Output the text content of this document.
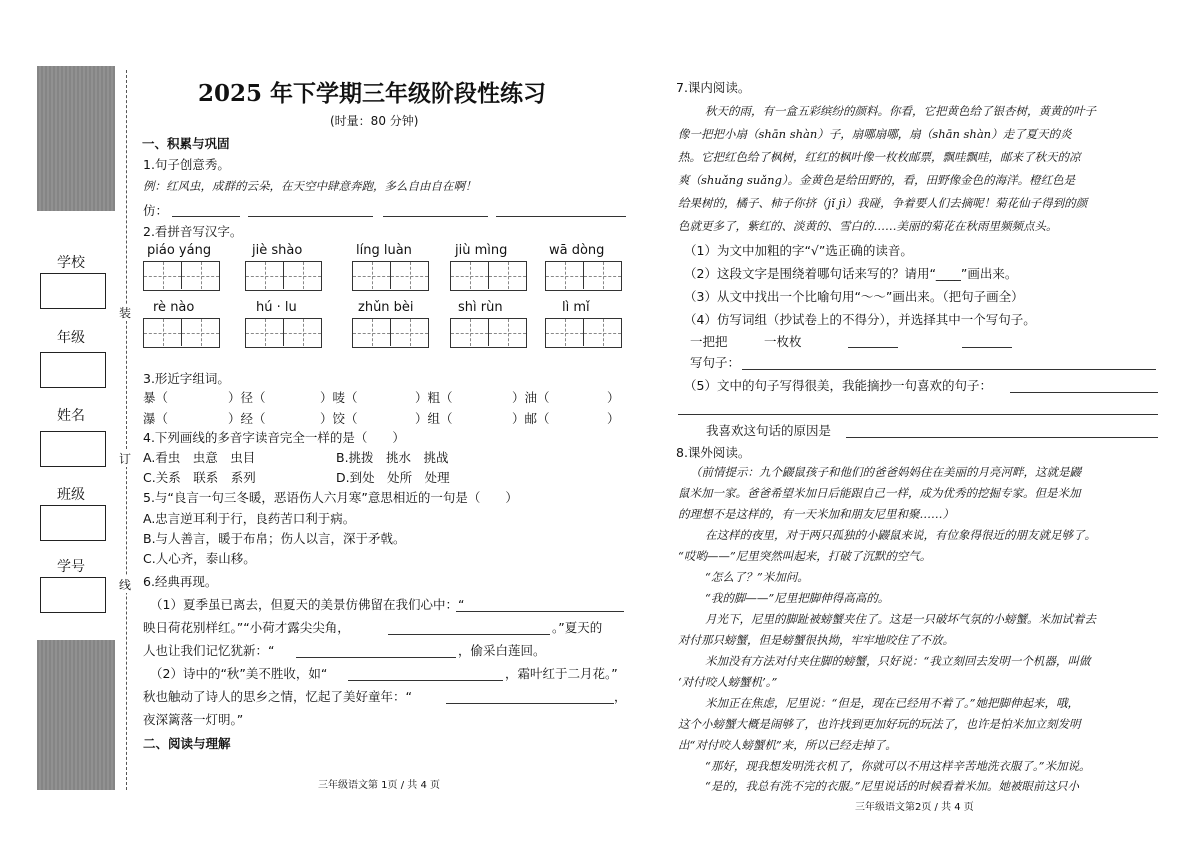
学校
年级
姓名
班级
学号
装
订
线
2025 年下学期三年级阶段性练习
(时量：80 分钟)
一、积累与巩固
1.句子创意秀。
例：红风虫，成群的云朵，在天空中肆意奔跑，多么自由自在啊！
仿：
2.看拼音写汉字。
piáo yáng	jiè shào	líng luàn	jiù mìng	wā dòng
rè nào	hú · lu	zhǔn bèi	shì rùn	lì mǐ
3.形近字组词。
暴（	）径（	）唛（	）粗（	）油（	）
瀑（	）经（	）饺（	）组（	）邮（	）
4.下列画线的多音字读音完全一样的是（　　）
A.看虫　虫意　虫目	B.挑拨　挑水　挑战
C.关系　联系　系列	D.到处　处所　处理
5.与“良言一句三冬暖，恶语伤人六月寒”意思相近的一句是（　　）
A.忠言逆耳利于行，良药苦口利于病。
B.与人善言，暖于布帛；伤人以言，深于矛戟。
C.人心齐，泰山移。
6.经典再现。
（1）夏季虽已离去，但夏天的美景仿佛留在我们心中：“
映日荷花别样红。”“小荷才露尖尖角，	。”夏天的
人也让我们记忆犹新：“	，偷采白莲回。
（2）诗中的“秋”美不胜收，如“	，霜叶红于二月花。”
秋也触动了诗人的思乡之情，忆起了美好童年：“	，
夜深篱落一灯明。”
二、阅读与理解
三年级语文第 1页 / 共 4 页
7.课内阅读。
秋天的雨，有一盒五彩缤纷的颜料。你看，它把黄色给了银杏树，黄黄的叶子
像一把把小扇（shān shàn）子，扇哪扇哪，扇（shān shàn）走了夏天的炎
热。它把红色给了枫树，红红的枫叶像一枚枚邮票，飘哇飘哇，邮来了秋天的凉
爽（shuǎng suǎng）。金黄色是给田野的，看，田野像金色的海洋。橙红色是
给果树的，橘子、柿子你挤（jǐ jì）我碰，争着要人们去摘呢！菊花仙子得到的颜
色就更多了，紫红的、淡黄的、雪白的……美丽的菊花在秋雨里频频点头。
（1）为文中加粗的字“√”选正确的读音。
（2）这段文字是围绕着哪句话来写的？请用“____”画出来。
（3）从文中找出一个比喻句用“～～”画出来。（把句子画全）
（4）仿写词组（抄试卷上的不得分），并选择其中一个写句子。
一把把	一枚枚
写句子：
（5）文中的句子写得很美，我能摘抄一句喜欢的句子：
我喜欢这句话的原因是
8.课外阅读。
（前情提示：九个鼹鼠孩子和他们的爸爸妈妈住在美丽的月亮河畔，这就是鼹
鼠米加一家。爸爸希望米加日后能跟自己一样，成为优秀的挖掘专家。但是米加
的理想不是这样的，有一天米加和朋友尼里和聚……）
在这样的夜里，对于两只孤独的小鼹鼠来说，有位象得很近的朋友就足够了。
“哎哟——”尼里突然叫起来，打破了沉默的空气。
“怎么了？”米加问。
“我的脚——”尼里把脚伸得高高的。
月光下，尼里的脚趾被螃蟹夹住了。这是一只破坏气氛的小螃蟹。米加试着去
对付那只螃蟹，但是螃蟹很执拗，牢牢地咬住了不放。
米加没有方法对付夹住脚的螃蟹，只好说：“我立刻回去发明一个机器，叫做
‘对付咬人螃蟹机’。”
米加正在焦虑，尼里说：“但是，现在已经用不着了。”她把脚伸起来，哦，
这个小螃蟹大概是闹够了，也许找到更加好玩的玩法了，也许是怕米加立刻发明
出“对付咬人螃蟹机”来，所以已经走掉了。
“那好，现我想发明洗衣机了，你就可以不用这样辛苦地洗衣服了。”米加说。
“是的，我总有洗不完的衣服。”尼里说话的时候看着米加。她被眼前这只小
三年级语文第2页 / 共 4 页
